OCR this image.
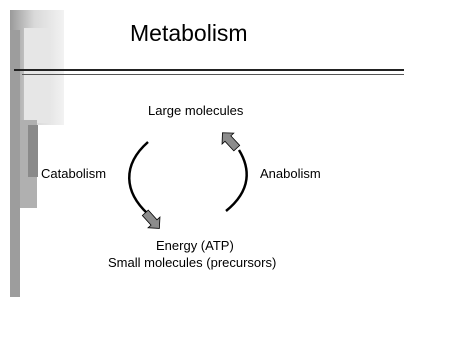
Metabolism
Large molecules
Catabolism	Anabolism
Energy (ATP)
Small molecules (precursors)
